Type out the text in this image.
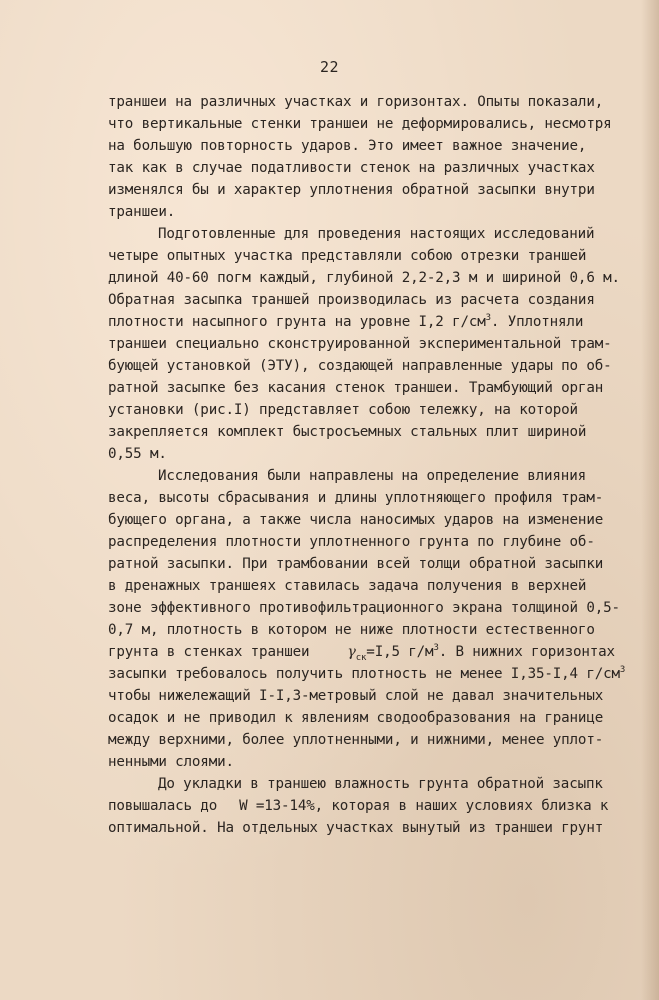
22
траншеи на различных участках и горизонтах. Опыты показали,
что вертикальные стенки траншеи не деформировались, несмотря
на большую повторность ударов. Это имеет важное значение,
так как в случае податливости стенок на различных участках
изменялся бы и характер уплотнения обратной засыпки внутри
траншеи.
Подготовленные для проведения настоящих исследований
четыре опытных участка представляли собою отрезки траншей
длиной 40-60 погм каждый, глубиной 2,2-2,3 м и шириной 0,6 м.
Обратная засыпка траншей производилась из расчета создания
плотности насыпного грунта на уровне I,2 $г/см^3$. Уплотняли
траншеи специально сконструированной экспериментальной трам-
бующей установкой (ЭТУ), создающей направленные удары по об-
ратной засыпке без касания стенок траншеи. Трамбующий орган
установки (рис.I) представляет собою тележку, на которой
закрепляется комплект быстросъемных стальных плит шириной
0,55 м.
Исследования были направлены на определение влияния
веса, высоты сбрасывания и длины уплотняющего профиля трам-
бующего органа, а также числа наносимых ударов на изменение
распределения плотности уплотненного грунта по глубине об-
ратной засыпки. При трамбовании всей толщи обратной засыпки
в дренажных траншеях ставилась задача получения в верхней
зоне эффективного противофильтрационного экрана толщиной 0,5-
0,7 м, плотность в котором не ниже плотности естественного
грунта в стенках траншеи	$\gamma_{ск}=I,5$ $г/м^3$. В нижних горизонтах
засыпки требовалось получить плотность не менее I,35-I,4 $г/см^3$
чтобы нижележащий I-I,3-метровый слой не давал значительных
осадок и не приводил к явлениям сводообразования на границе
между верхними, более уплотненными, и нижними, менее уплот-
ненными слоями.
До укладки в траншею влажность грунта обратной засыпк
повышалась до W =13-14%, которая в наших условиях близка к
оптимальной. На отдельных участках вынутый из траншеи грунт
